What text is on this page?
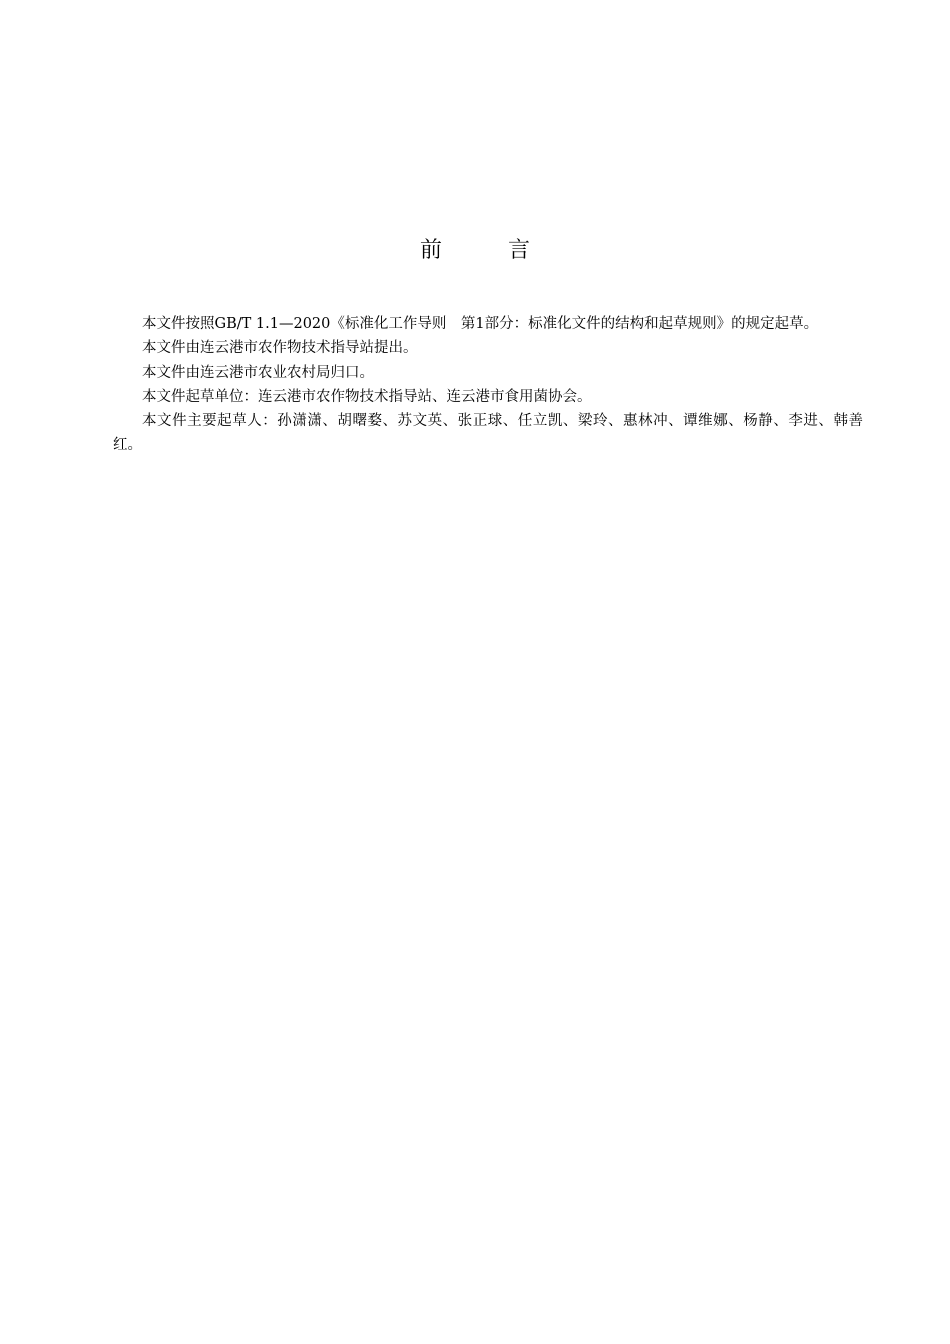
前	言

本文件按照GB/T 1.1—2020《标准化工作导则　第1部分：标准化文件的结构和起草规则》的规定起草。

本文件由连云港市农作物技术指导站提出。

本文件由连云港市农业农村局归口。

本文件起草单位：连云港市农作物技术指导站、连云港市食用菌协会。

本文件主要起草人：孙潇潇、胡曙婺、苏文英、张正球、任立凯、梁玲、惠林冲、谭维娜、杨静、李进、韩善红。
